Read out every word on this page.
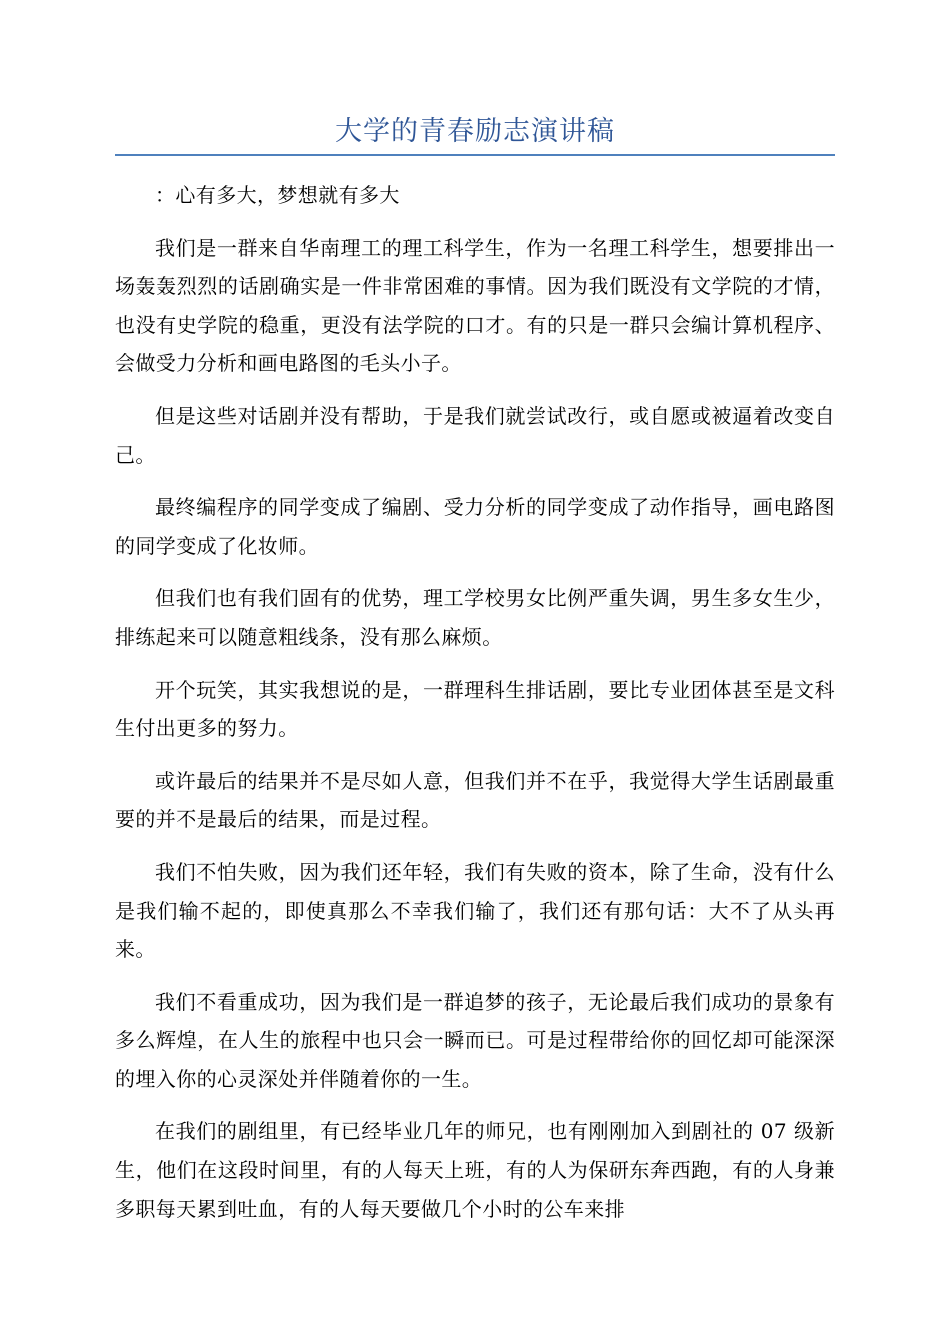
大学的青春励志演讲稿

：心有多大，梦想就有多大

我们是一群来自华南理工的理工科学生，作为一名理工科学生，想要排出一场轰轰烈烈的话剧确实是一件非常困难的事情。因为我们既没有文学院的才情，也没有史学院的稳重，更没有法学院的口才。有的只是一群只会编计算机程序、会做受力分析和画电路图的毛头小子。

但是这些对话剧并没有帮助，于是我们就尝试改行，或自愿或被逼着改变自己。

最终编程序的同学变成了编剧、受力分析的同学变成了动作指导，画电路图的同学变成了化妆师。

但我们也有我们固有的优势，理工学校男女比例严重失调，男生多女生少，排练起来可以随意粗线条，没有那么麻烦。

开个玩笑，其实我想说的是，一群理科生排话剧，要比专业团体甚至是文科生付出更多的努力。

或许最后的结果并不是尽如人意，但我们并不在乎，我觉得大学生话剧最重要的并不是最后的结果，而是过程。

我们不怕失败，因为我们还年轻，我们有失败的资本，除了生命，没有什么是我们输不起的，即使真那么不幸我们输了，我们还有那句话：大不了从头再来。

我们不看重成功，因为我们是一群追梦的孩子，无论最后我们成功的景象有多么辉煌，在人生的旅程中也只会一瞬而已。可是过程带给你的回忆却可能深深的埋入你的心灵深处并伴随着你的一生。

在我们的剧组里，有已经毕业几年的师兄，也有刚刚加入到剧社的 07 级新生，他们在这段时间里，有的人每天上班，有的人为保研东奔西跑，有的人身兼多职每天累到吐血，有的人每天要做几个小时的公车来排
